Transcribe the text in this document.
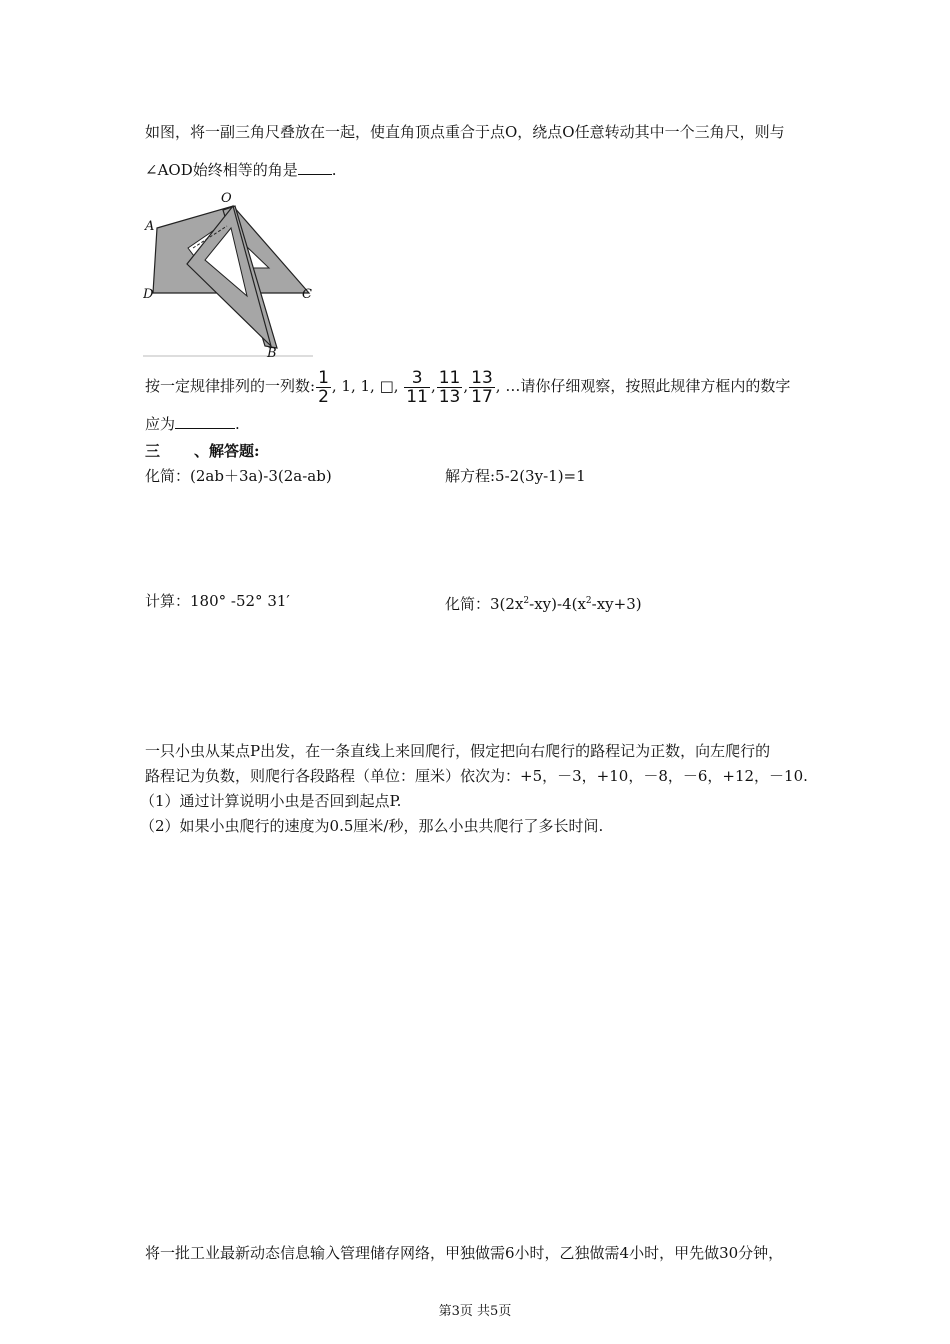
如图，将一副三角尺叠放在一起，使直角顶点重合于点O，绕点O任意转动其中一个三角尺，则与
∠AOD始终相等的角是 .
O
A
D	C
B
按一定规律排列的一列数: $\frac{1}{2}$ , 1, 1, □, $\frac{3}{11}$ , $\frac{11}{13}$ , $\frac{13}{17}$ , …请你仔细观察，按照此规律方框内的数字
应为	.
三 、解答题:
化简：(2ab＋3a)-3(2a-ab)	解方程:5-2(3y-1)=1
计算：180° -52° 31′	化简：$3(2x^2-xy)-4(x^2-xy+3)$
一只小虫从某点P出发，在一条直线上来回爬行，假定把向右爬行的路程记为正数，向左爬行的
路程记为负数，则爬行各段路程（单位：厘米）依次为：+5，－3，+10，－8，－6，+12，－10.
（1）通过计算说明小虫是否回到起点P.
（2）如果小虫爬行的速度为0.5厘米/秒，那么小虫共爬行了多长时间.
将一批工业最新动态信息输入管理储存网络，甲独做需6小时，乙独做需4小时，甲先做30分钟，
第3页 共5页
